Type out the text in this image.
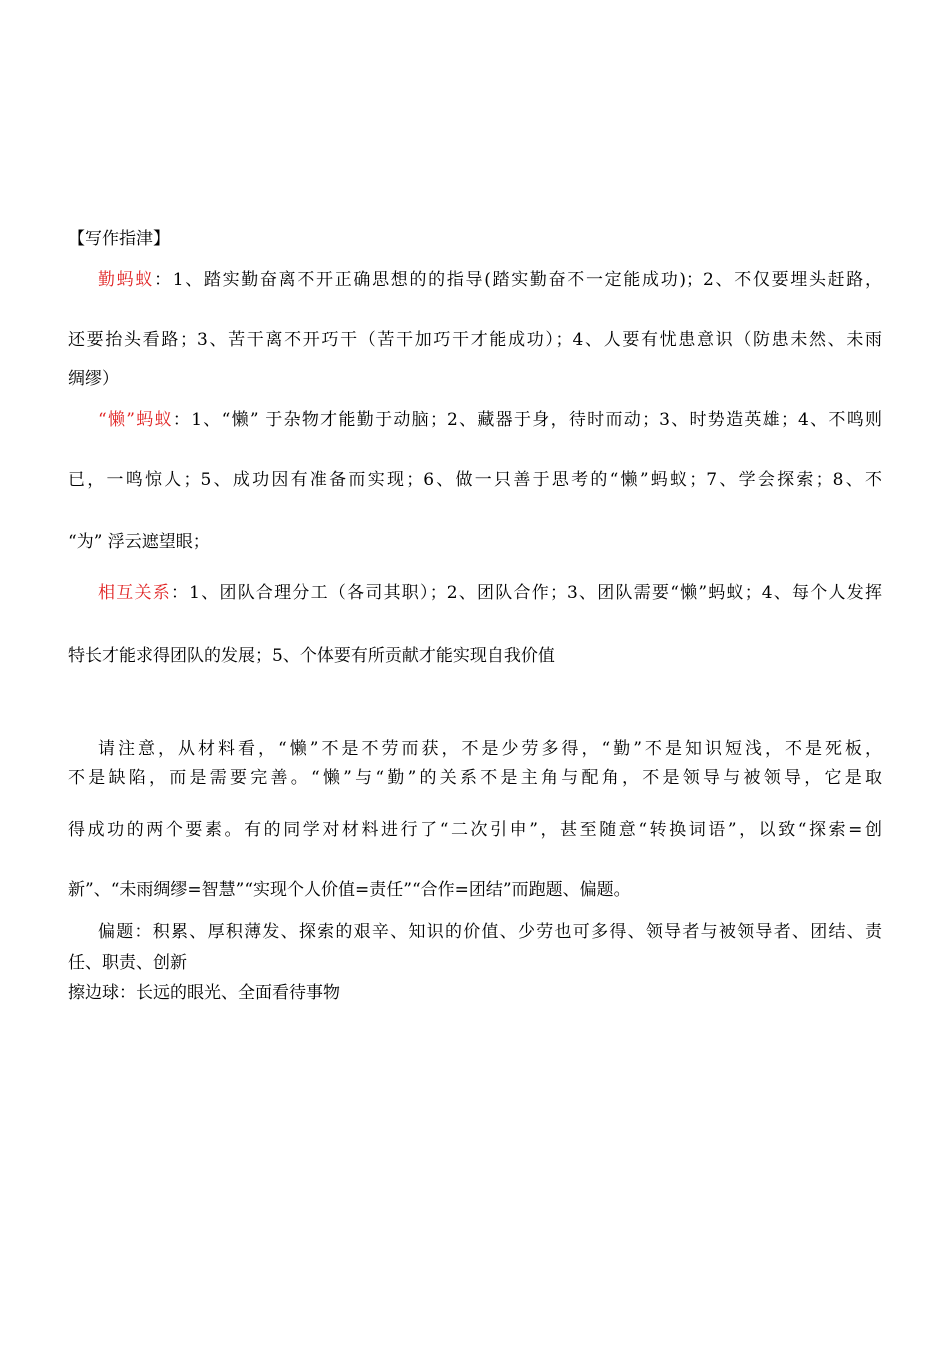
【写作指津】
勤蚂蚁：1、踏实勤奋离不开正确思想的的指导(踏实勤奋不一定能成功)；2、不仅要埋头赶路，
还要抬头看路；3、苦干离不开巧干（苦干加巧干才能成功）；4、人要有忧患意识（防患未然、未雨
绸缪）
“懒”蚂蚁：1、“懒” 于杂物才能勤于动脑；2、藏器于身，待时而动；3、时势造英雄；4、不鸣则
已，一鸣惊人；5、成功因有准备而实现；6、做一只善于思考的“懒”蚂蚁；7、学会探索；8、不
“为” 浮云遮望眼；
相互关系：1、团队合理分工（各司其职）；2、团队合作；3、团队需要“懒”蚂蚁；4、每个人发挥
特长才能求得团队的发展；5、个体要有所贡献才能实现自我价值
请注意，从材料看，“懒”不是不劳而获，不是少劳多得，“勤”不是知识短浅，不是死板，
不是缺陷，而是需要完善。“懒”与“勤”的关系不是主角与配角，不是领导与被领导，它是取
得成功的两个要素。有的同学对材料进行了“二次引申”，甚至随意“转换词语”，以致“探索=创
新”、“未雨绸缪=智慧”“实现个人价值=责任”“合作=团结”而跑题、偏题。
偏题：积累、厚积薄发、探索的艰辛、知识的价值、少劳也可多得、领导者与被领导者、团结、责
任、职责、创新
擦边球：长远的眼光、全面看待事物
